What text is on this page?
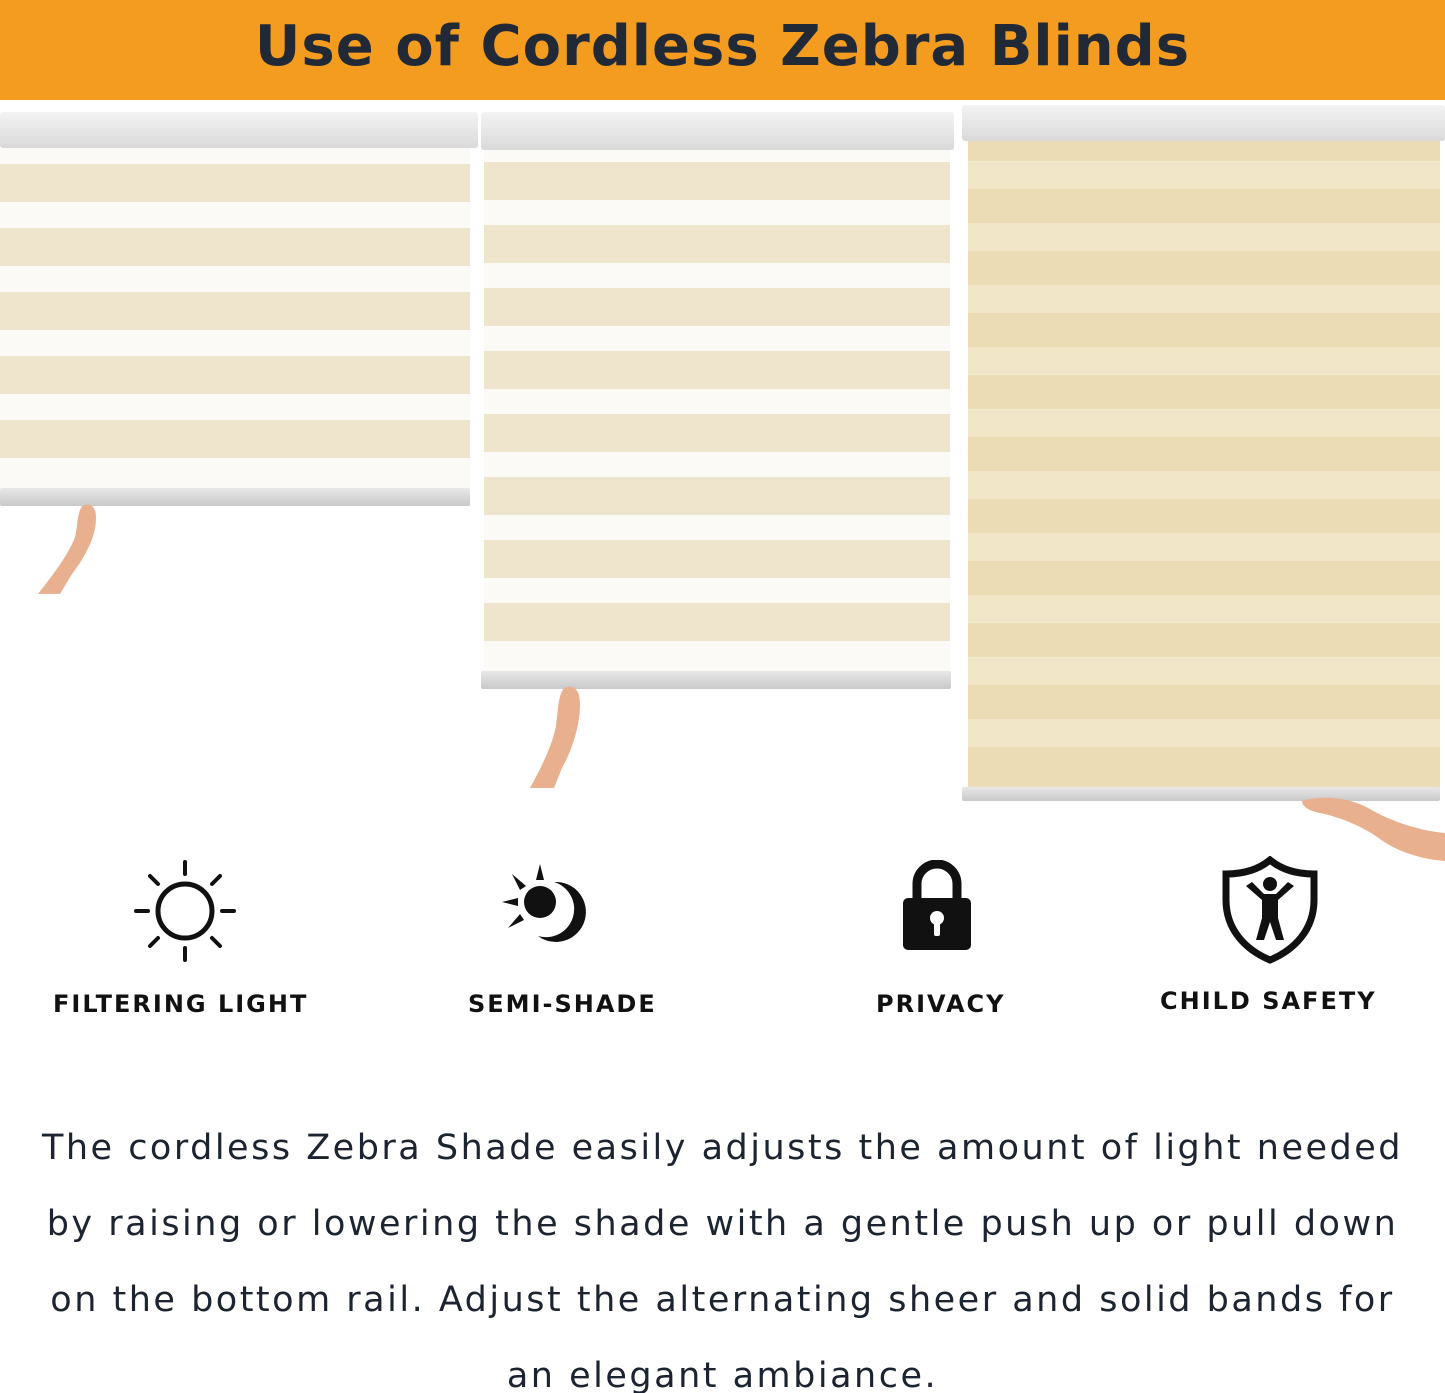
Use of Cordless Zebra Blinds
FILTERING LIGHT	SEMI-SHADE	PRIVACY	CHILD SAFETY
The cordless Zebra Shade easily adjusts the amount of light needed by raising or lowering the shade with a gentle push up or pull down on the bottom rail. Adjust the alternating sheer and solid bands for an elegant ambiance.
